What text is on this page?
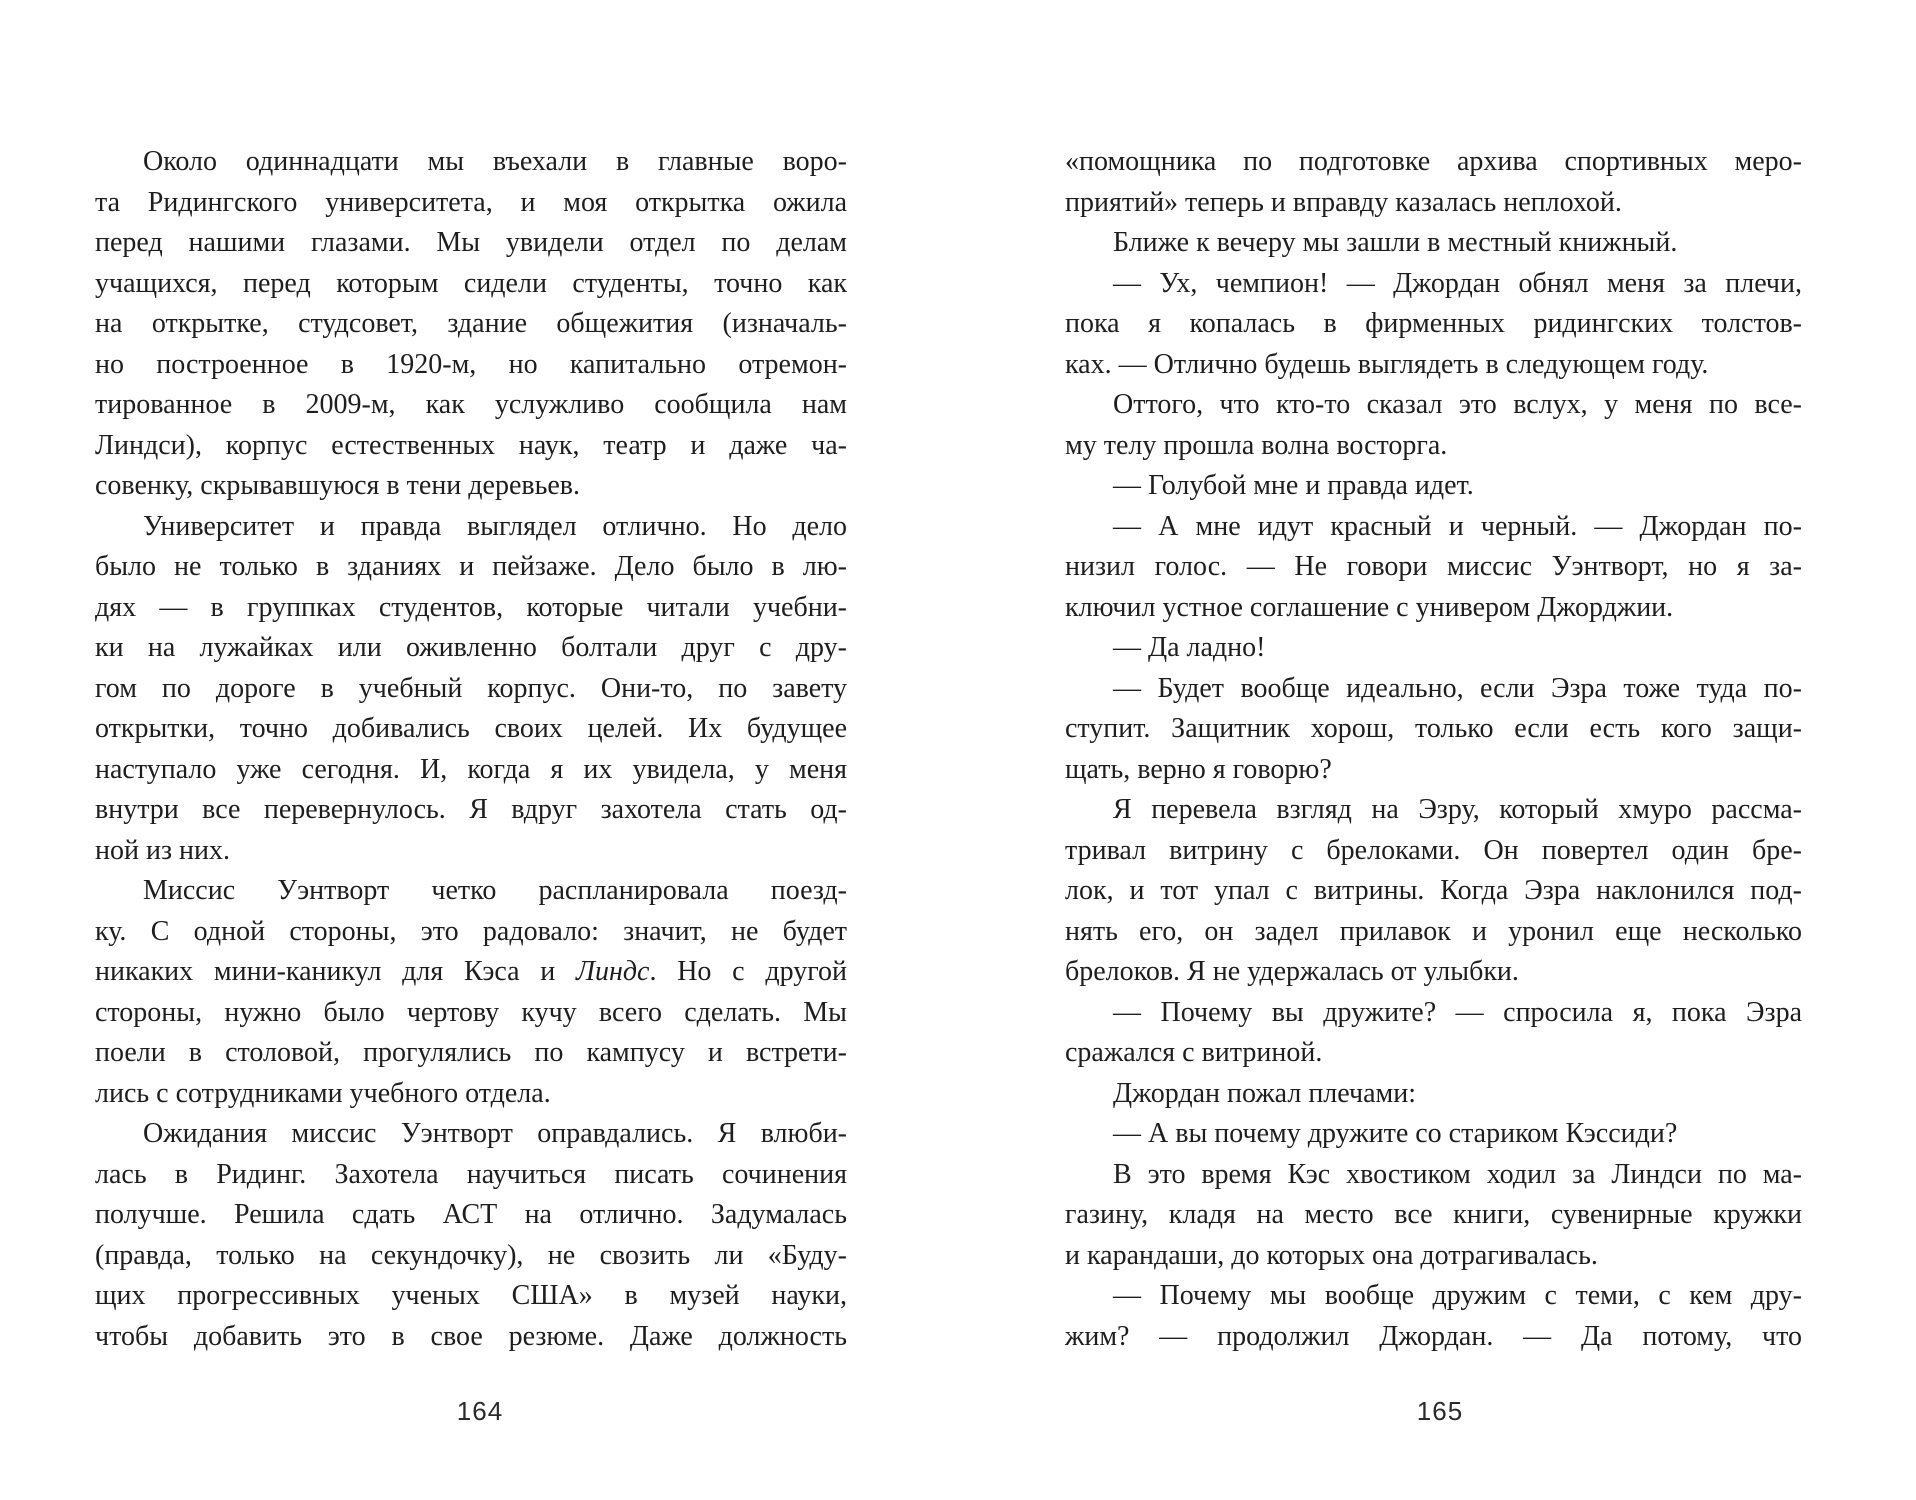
Около одиннадцати мы въехали в главные воро-
та Ридингского университета, и моя открытка ожила
перед нашими глазами. Мы увидели отдел по делам
учащихся, перед которым сидели студенты, точно как
на открытке, студсовет, здание общежития (изначаль-
но построенное в 1920-м, но капитально отремон-
тированное в 2009-м, как услужливо сообщила нам
Линдси), корпус естественных наук, театр и даже ча-
совенку, скрывавшуюся в тени деревьев.
Университет и правда выглядел отлично. Но дело
было не только в зданиях и пейзаже. Дело было в лю-
дях — в группках студентов, которые читали учебни-
ки на лужайках или оживленно болтали друг с дру-
гом по дороге в учебный корпус. Они-то, по завету
открытки, точно добивались своих целей. Их будущее
наступало уже сегодня. И, когда я их увидела, у меня
внутри все перевернулось. Я вдруг захотела стать од-
ной из них.
Миссис Уэнтворт четко распланировала поезд-
ку. С одной стороны, это радовало: значит, не будет
никаких мини-каникул для Кэса и Линдс. Но с другой
стороны, нужно было чертову кучу всего сделать. Мы
поели в столовой, прогулялись по кампусу и встрети-
лись с сотрудниками учебного отдела.
Ожидания миссис Уэнтворт оправдались. Я влюби-
лась в Ридинг. Захотела научиться писать сочинения
получше. Решила сдать АСТ на отлично. Задумалась
(правда, только на секундочку), не свозить ли «Буду-
щих прогрессивных ученых США» в музей науки,
чтобы добавить это в свое резюме. Даже должность
«помощника по подготовке архива спортивных меро-
приятий» теперь и вправду казалась неплохой.
Ближе к вечеру мы зашли в местный книжный.
— Ух, чемпион! — Джордан обнял меня за плечи,
пока я копалась в фирменных ридингских толстов-
ках. — Отлично будешь выглядеть в следующем году.
Оттого, что кто-то сказал это вслух, у меня по все-
му телу прошла волна восторга.
— Голубой мне и правда идет.
— А мне идут красный и черный. — Джордан по-
низил голос. — Не говори миссис Уэнтворт, но я за-
ключил устное соглашение с универом Джорджии.
— Да ладно!
— Будет вообще идеально, если Эзра тоже туда по-
ступит. Защитник хорош, только если есть кого защи-
щать, верно я говорю?
Я перевела взгляд на Эзру, который хмуро рассма-
тривал витрину с брелоками. Он повертел один бре-
лок, и тот упал с витрины. Когда Эзра наклонился под-
нять его, он задел прилавок и уронил еще несколько
брелоков. Я не удержалась от улыбки.
— Почему вы дружите? — спросила я, пока Эзра
сражался с витриной.
Джордан пожал плечами:
— А вы почему дружите со стариком Кэссиди?
В это время Кэс хвостиком ходил за Линдси по ма-
газину, кладя на место все книги, сувенирные кружки
и карандаши, до которых она дотрагивалась.
— Почему мы вообще дружим с теми, с кем дру-
жим? — продолжил Джордан. — Да потому, что
164	165
